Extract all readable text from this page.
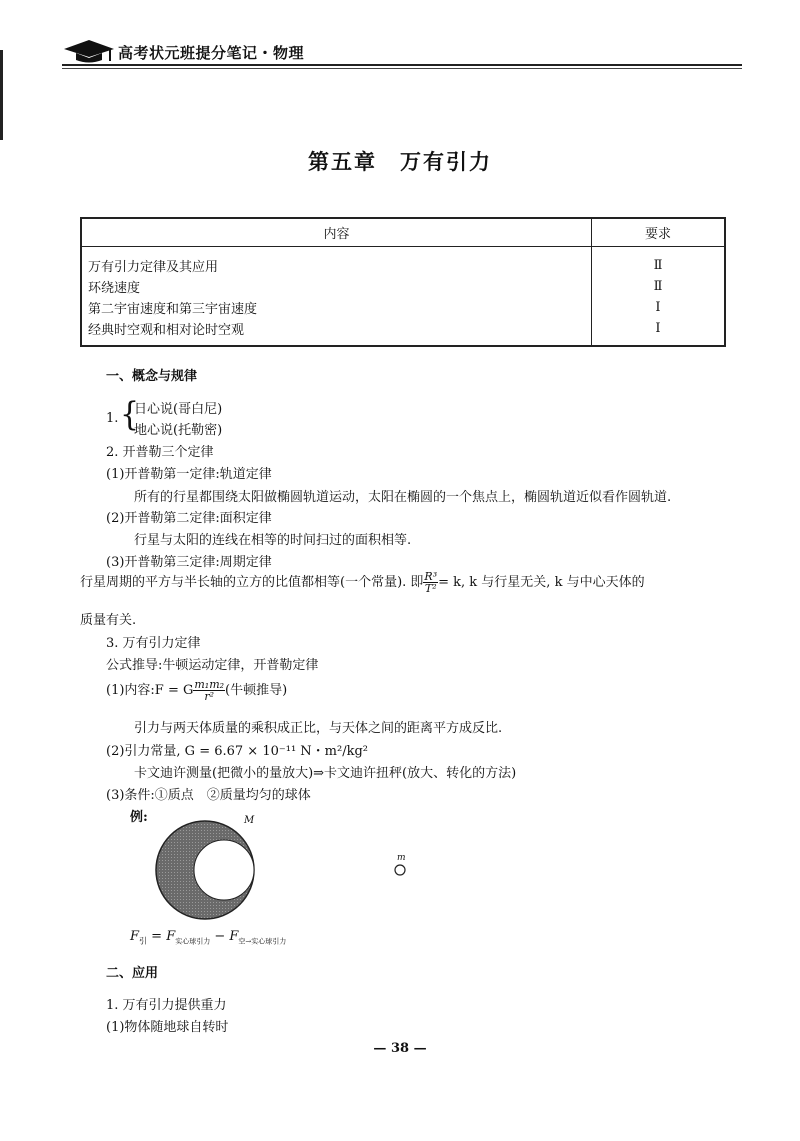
高考状元班提分笔记・物理
第五章　万有引力
内容	要求
万有引力定律及其应用	Ⅱ
环绕速度	Ⅱ
第二宇宙速度和第三宇宙速度	Ⅰ
经典时空观和相对论时空观	Ⅰ
一、概念与规律
1. {
日心说(哥白尼)
地心说(托勒密)
2. 开普勒三个定律
(1)开普勒第一定律:轨道定律
所有的行星都围绕太阳做椭圆轨道运动，太阳在椭圆的一个焦点上，椭圆轨道近似看作圆轨道.
(2)开普勒第二定律:面积定律
行星与太阳的连线在相等的时间扫过的面积相等.
(3)开普勒第三定律:周期定律
行星周期的平方与半长轴的立方的比值都相等(一个常量). 即 $\frac{\text{R³}}{\text{T²}} = k$, k 与行星无关, k 与中心天体的
质量有关.
3. 万有引力定律
公式推导:牛顿运动定律，开普勒定律
(1)内容:F = G $\frac{\text{m₁m₂}}{\text{r²}}$ (牛顿推导)
引力与两天体质量的乘积成正比，与天体之间的距离平方成反比.
(2)引力常量, G = 6.67 × 10⁻¹¹ N・m²/kg²
卡文迪许测量(把微小的量放大)⇒卡文迪许扭秤(放大、转化的方法)
(3)条件:①质点　②质量均匀的球体
例:	M
m
$F_引 = F_{实心球引力} - F_{空\to 实心球引力}$
二、应用
1. 万有引力提供重力
(1)物体随地球自转时
— 38 —
